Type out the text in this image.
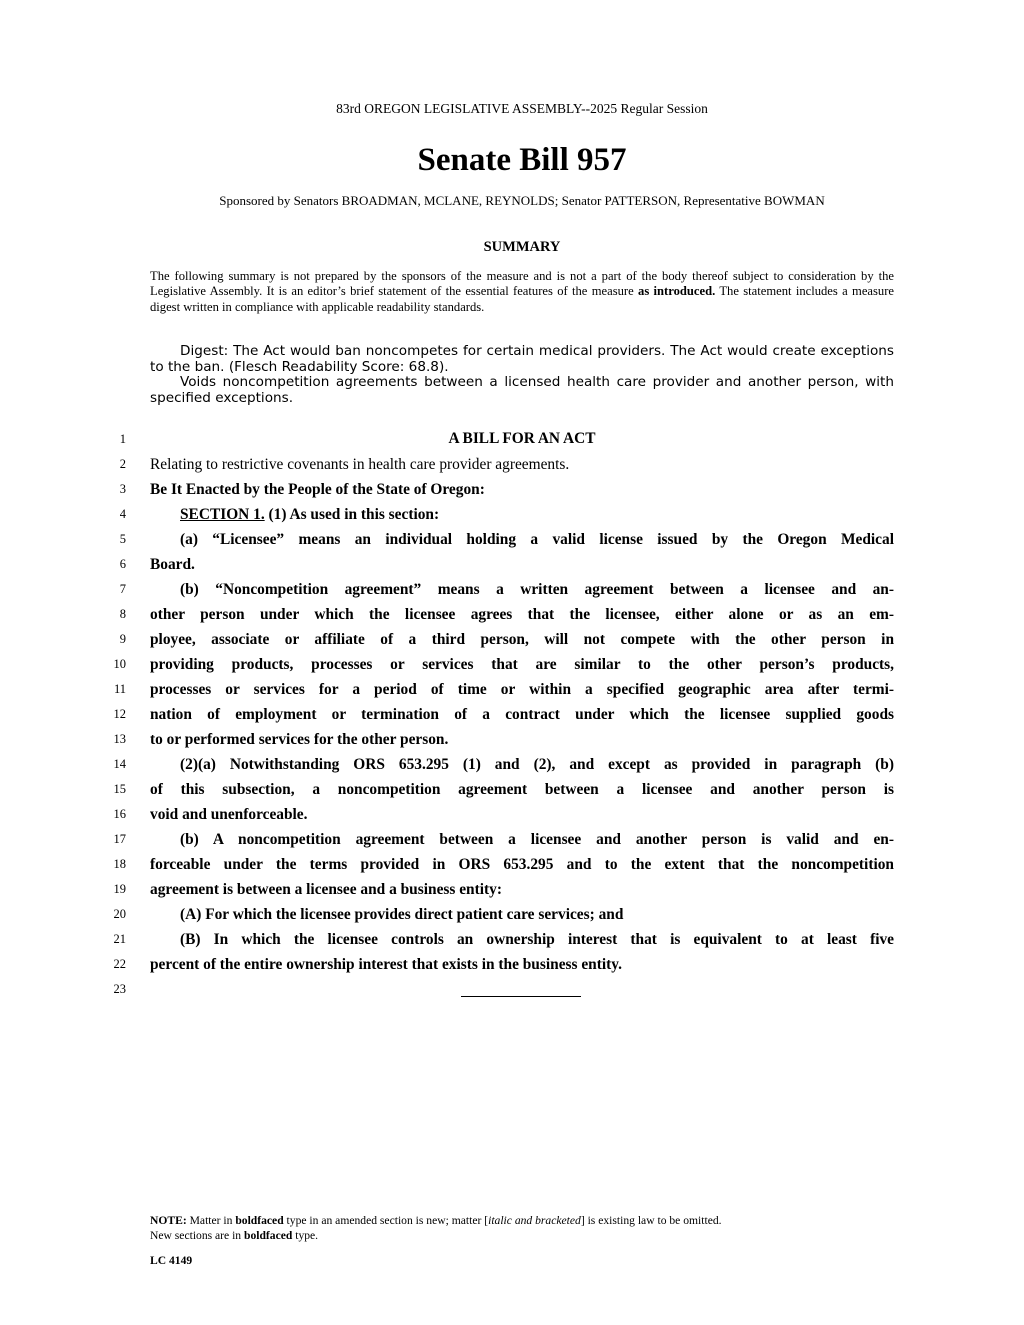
83rd OREGON LEGISLATIVE ASSEMBLY--2025 Regular Session
Senate Bill 957
Sponsored by Senators BROADMAN, MCLANE, REYNOLDS; Senator PATTERSON, Representative BOWMAN
SUMMARY

The following summary is not prepared by the sponsors of the measure and is not a part of the body thereof subject to consideration by the Legislative Assembly. It is an editor’s brief statement of the essential features of the measure as introduced. The statement includes a measure digest written in compliance with applicable readability standards.

Digest: The Act would ban noncompetes for certain medical providers. The Act would create exceptions to the ban. (Flesch Readability Score: 68.8).

Voids noncompetition agreements between a licensed health care provider and another person, with specified exceptions.

1
2
3
4
5
6
7
8
9
10
11
12
13
14
15
16
17
18
19
20
21
22
23
A BILL FOR AN ACT
Relating to restrictive covenants in health care provider agreements.
Be It Enacted by the People of the State of Oregon:
SECTION 1. (1) As used in this section:
(a) “Licensee” means an individual holding a valid license issued by the Oregon Medical
Board.
(b) “Noncompetition agreement” means a written agreement between a licensee and an-
other person under which the licensee agrees that the licensee, either alone or as an em-
ployee, associate or affiliate of a third person, will not compete with the other person in
providing products, processes or services that are similar to the other person’s products,
processes or services for a period of time or within a specified geographic area after termi-
nation of employment or termination of a contract under which the licensee supplied goods
to or performed services for the other person.
(2)(a) Notwithstanding ORS 653.295 (1) and (2), and except as provided in paragraph (b)
of this subsection, a noncompetition agreement between a licensee and another person is
void and unenforceable.
(b) A noncompetition agreement between a licensee and another person is valid and en-
forceable under the terms provided in ORS 653.295 and to the extent that the noncompetition
agreement is between a licensee and a business entity:
(A) For which the licensee provides direct patient care services; and
(B) In which the licensee controls an ownership interest that is equivalent to at least five
percent of the entire ownership interest that exists in the business entity.
NOTE: Matter in boldfaced type in an amended section is new; matter [italic and bracketed] is existing law to be omitted.
New sections are in boldfaced type.
LC 4149
